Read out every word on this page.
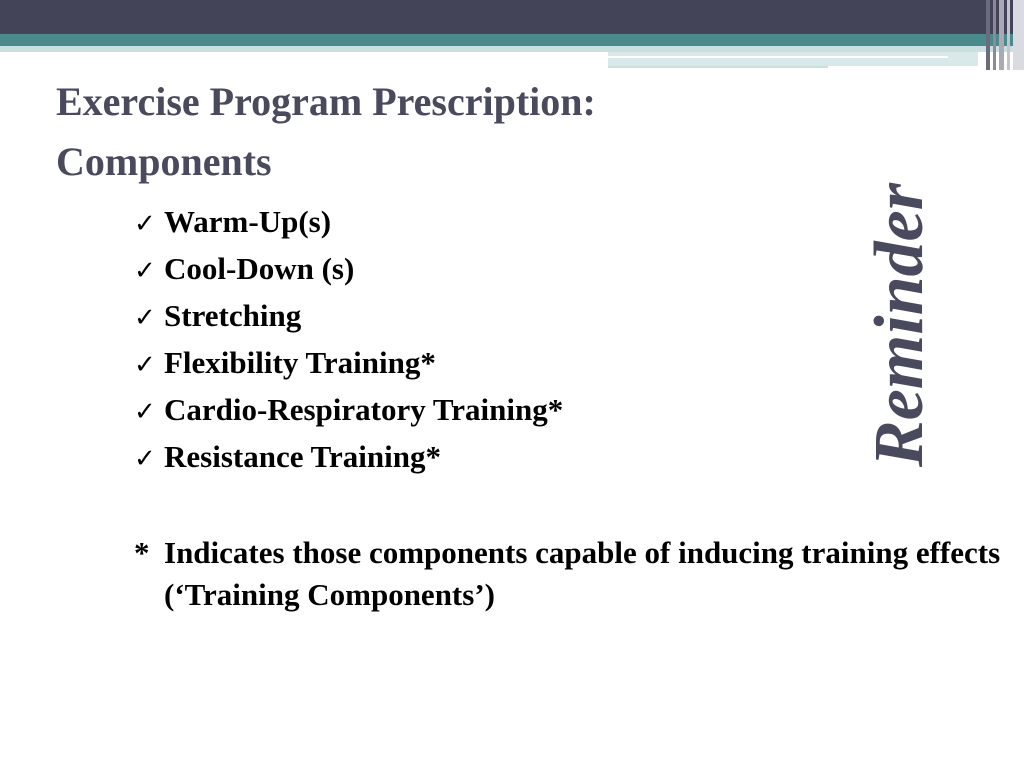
Exercise Program Prescription: Components
✓ Warm-Up(s)
✓ Cool-Down (s)
✓ Stretching
✓ Flexibility Training*
✓ Cardio-Respiratory Training*
✓ Resistance Training*
* Indicates those components capable of inducing training effects (‘Training Components’)
Reminder
